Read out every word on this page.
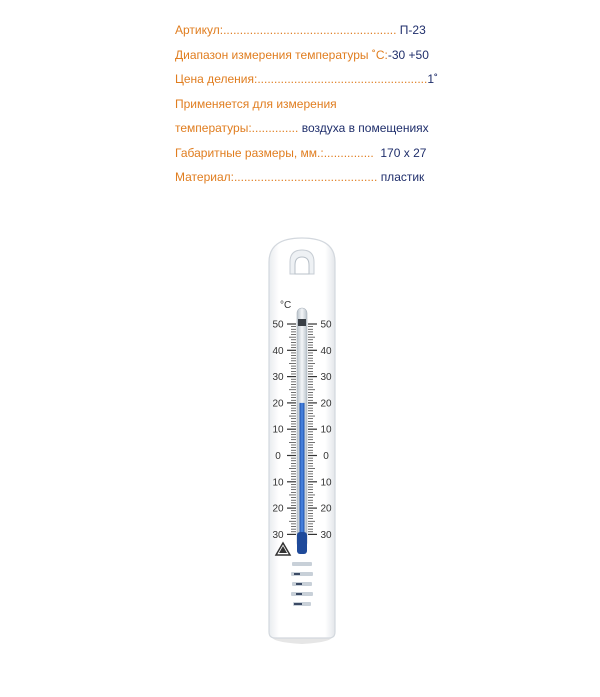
Артикул:.................................................... П-23
Диапазон измерения температуры ˚С:-30 +50
Цена деления:...................................................1˚
Применяется для измерения
температуры:.............. воздуха в помещениях
Габаритные размеры, мм.:............... 170 х 27
Материал:........................................... пластик
°C
50	50
40	40
30	30
20	20
10	10
0	0
10	10
20	20
30	30
